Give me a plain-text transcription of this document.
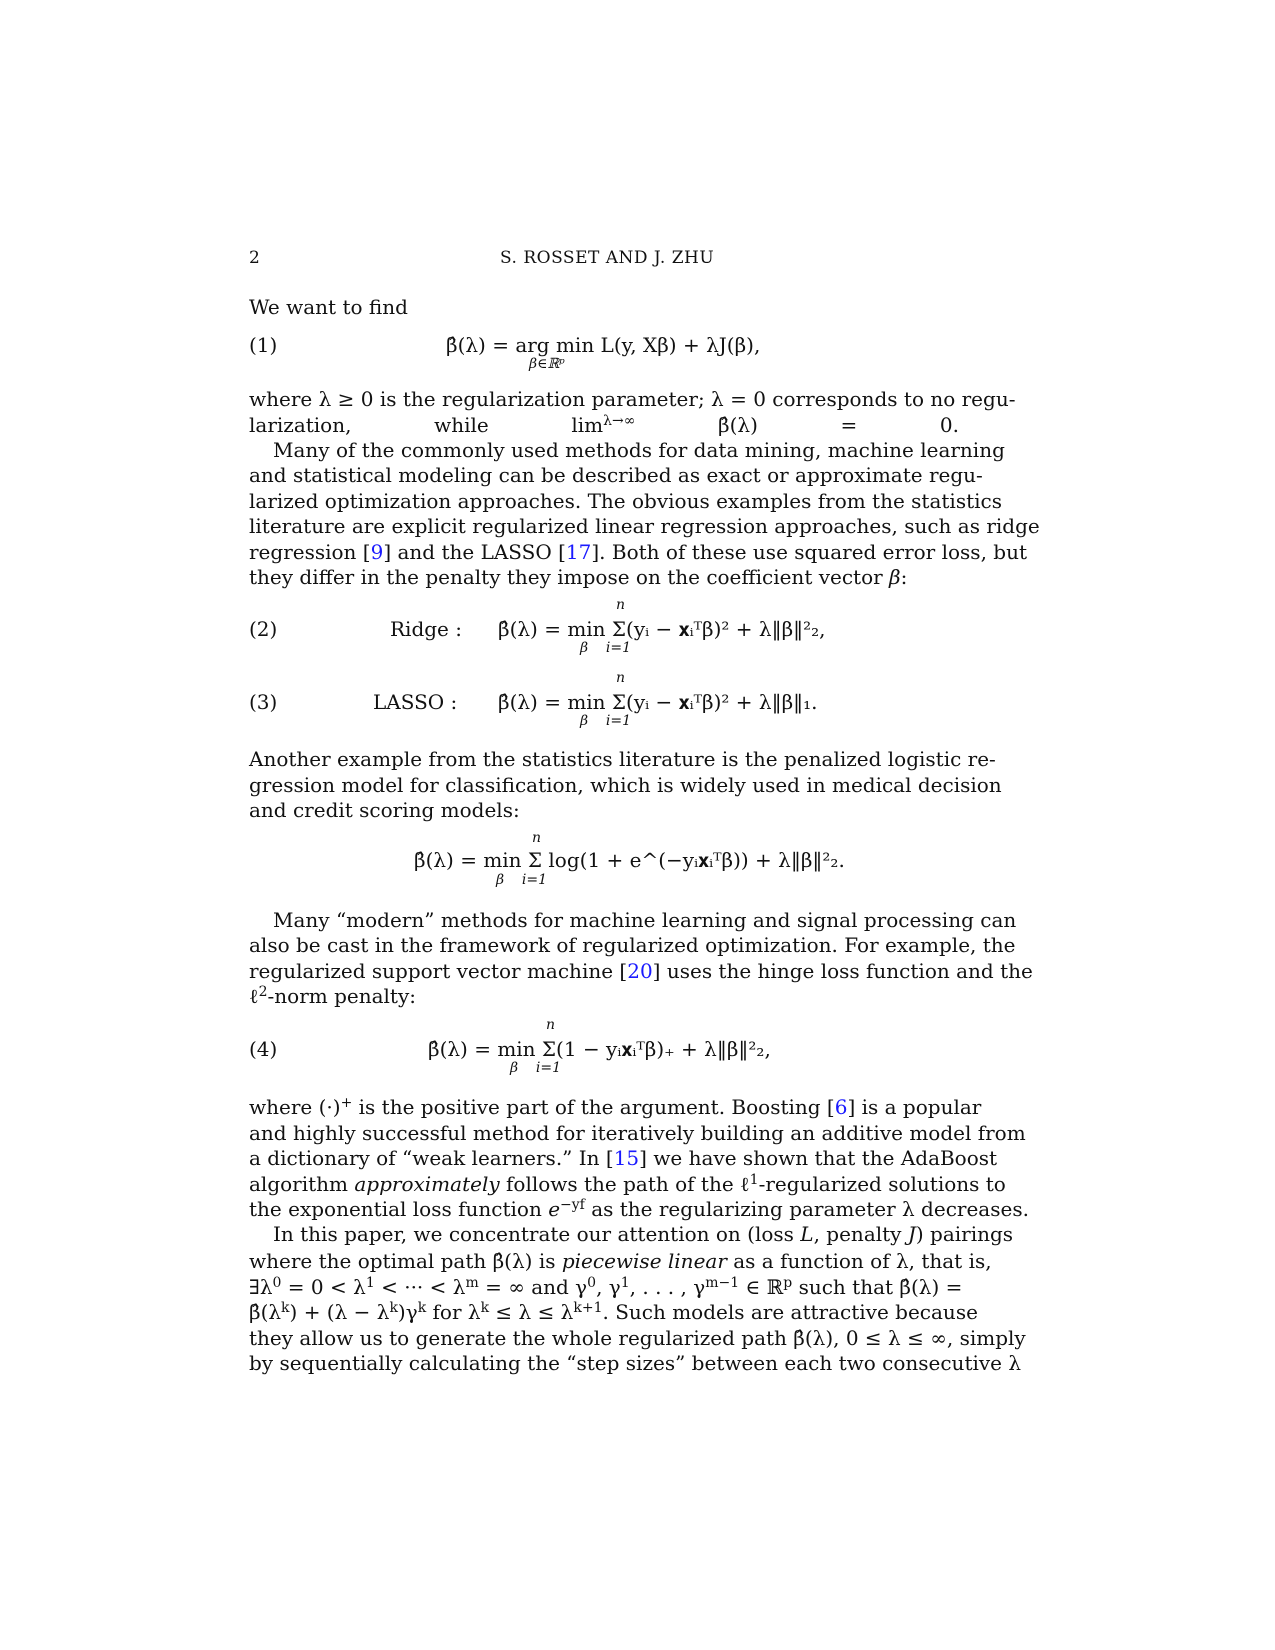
2	S. ROSSET AND J. ZHU
We want to find
where λ ≥ 0 is the regularization parameter; λ = 0 corresponds to no regu-
larization, while lim λ→∞ β̂(λ) = 0.
Many of the commonly used methods for data mining, machine learning
and statistical modeling can be described as exact or approximate regu-
larized optimization approaches. The obvious examples from the statistics
literature are explicit regularized linear regression approaches, such as ridge
regression [ 9 ] and the LASSO [ 17 ]. Both of these use squared error loss, but
they differ in the penalty they impose on the coefficient vector β :
Another example from the statistics literature is the penalized logistic re-
gression model for classification, which is widely used in medical decision
and credit scoring models:
Many “modern” methods for machine learning and signal processing can
also be cast in the framework of regularized optimization. For example, the
regularized support vector machine [ 20 ] uses the hinge loss function and the
ℓ 2 -norm penalty:
where (·) + is the positive part of the argument. Boosting [ 6 ] is a popular
and highly successful method for iteratively building an additive model from
a dictionary of “weak learners.” In [ 15 ] we have shown that the AdaBoost
algorithm approximately follows the path of the ℓ 1 -regularized solutions to
the exponential loss function e −yf as the regularizing parameter λ decreases.
In this paper, we concentrate our attention on (loss L , penalty J ) pairings
where the optimal path β̂(λ) is piecewise linear as a function of λ, that is,
∃λ 0 = 0 < λ 1 < ··· < λ m = ∞ and γ 0 , γ 1 , . . . , γ m−1 ∈ ℝ p such that β̂(λ) =
β̂(λ k ) + (λ − λ k )γ k for λ k ≤ λ ≤ λ k+1 . Such models are attractive because
they allow us to generate the whole regularized path β̂(λ), 0 ≤ λ ≤ ∞, simply
by sequentially calculating the “step sizes” between each two consecutive λ
(1)	β̂(λ) = arg min L(y, Xβ) + λJ(β),
β∈ℝᵖ
(2)	Ridge : β̂(λ) = min Σ(yᵢ − 𝐱ᵢᵀβ)² + λ‖β‖²₂,
n
β    i=1
(3)	LASSO : β̂(λ) = min Σ(yᵢ − 𝐱ᵢᵀβ)² + λ‖β‖₁.
n
β    i=1
β̂(λ) = min Σ log(1 + e^(−yᵢ𝐱ᵢᵀβ)) + λ‖β‖²₂.
n
β    i=1
(4)	β̂(λ) = min Σ(1 − yᵢ𝐱ᵢᵀβ)₊ + λ‖β‖²₂,
n
β    i=1
